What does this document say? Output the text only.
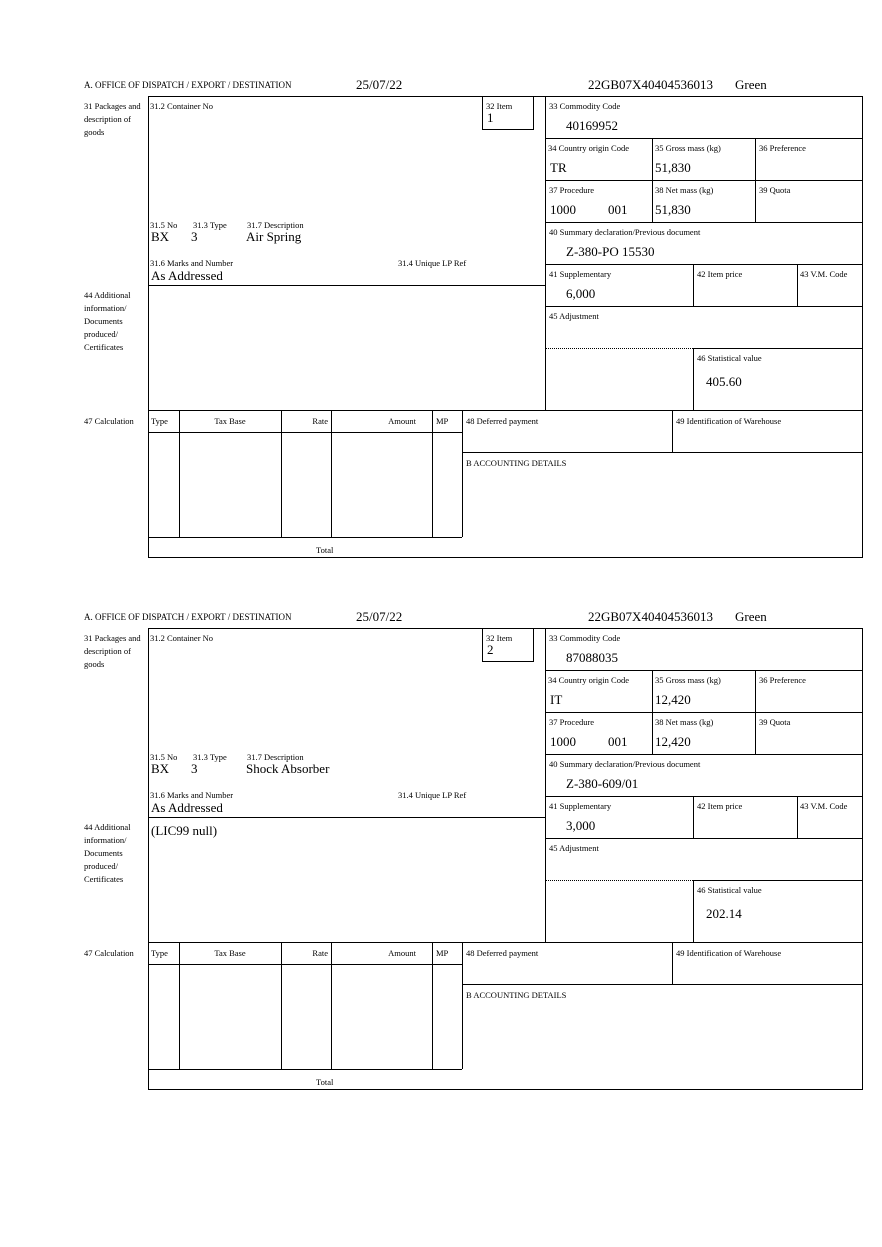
A. OFFICE OF DISPATCH / EXPORT / DESTINATION	25/07/22	22GB07X40404536013 Green
32 Item
1
31 Packages and description of goods
31.2 Container No
31.5 No 31.3 Type 31.7 Description
BX 3	Air Spring
31.6 Marks and Number	31.4 Unique LP Ref
As Addressed
33 Commodity Code
40169952
34 Country origin Code
TR
35 Gross mass (kg)
51,830
36 Preference
37 Procedure
1000 001
38 Net mass (kg)
51,830
39 Quota
40 Summary declaration/Previous document
Z-380-PO 15530
41 Supplementary
6,000
42 Item price	43 V.M. Code
45 Adjustment
46 Statistical value
405.60
44 Additional information/ Documents produced/ Certificates
47 Calculation	Type	Tax Base	Rate	Amount MP
Total
48 Deferred payment	49 Identification of Warehouse
B ACCOUNTING DETAILS
A. OFFICE OF DISPATCH / EXPORT / DESTINATION	25/07/22	22GB07X40404536013 Green
32 Item
2
31 Packages and description of goods
31.2 Container No
31.5 No 31.3 Type 31.7 Description
BX 3	Shock Absorber
31.6 Marks and Number	31.4 Unique LP Ref
As Addressed
33 Commodity Code
87088035
34 Country origin Code
IT
35 Gross mass (kg)
12,420
36 Preference
37 Procedure
1000 001
38 Net mass (kg)
12,420
39 Quota
40 Summary declaration/Previous document
Z-380-609/01
41 Supplementary
3,000
42 Item price	43 V.M. Code
45 Adjustment
46 Statistical value
202.14
44 Additional information/ Documents produced/ Certificates
(LIC99 null)
47 Calculation	Type	Tax Base	Rate	Amount MP
Total
48 Deferred payment	49 Identification of Warehouse
B ACCOUNTING DETAILS
